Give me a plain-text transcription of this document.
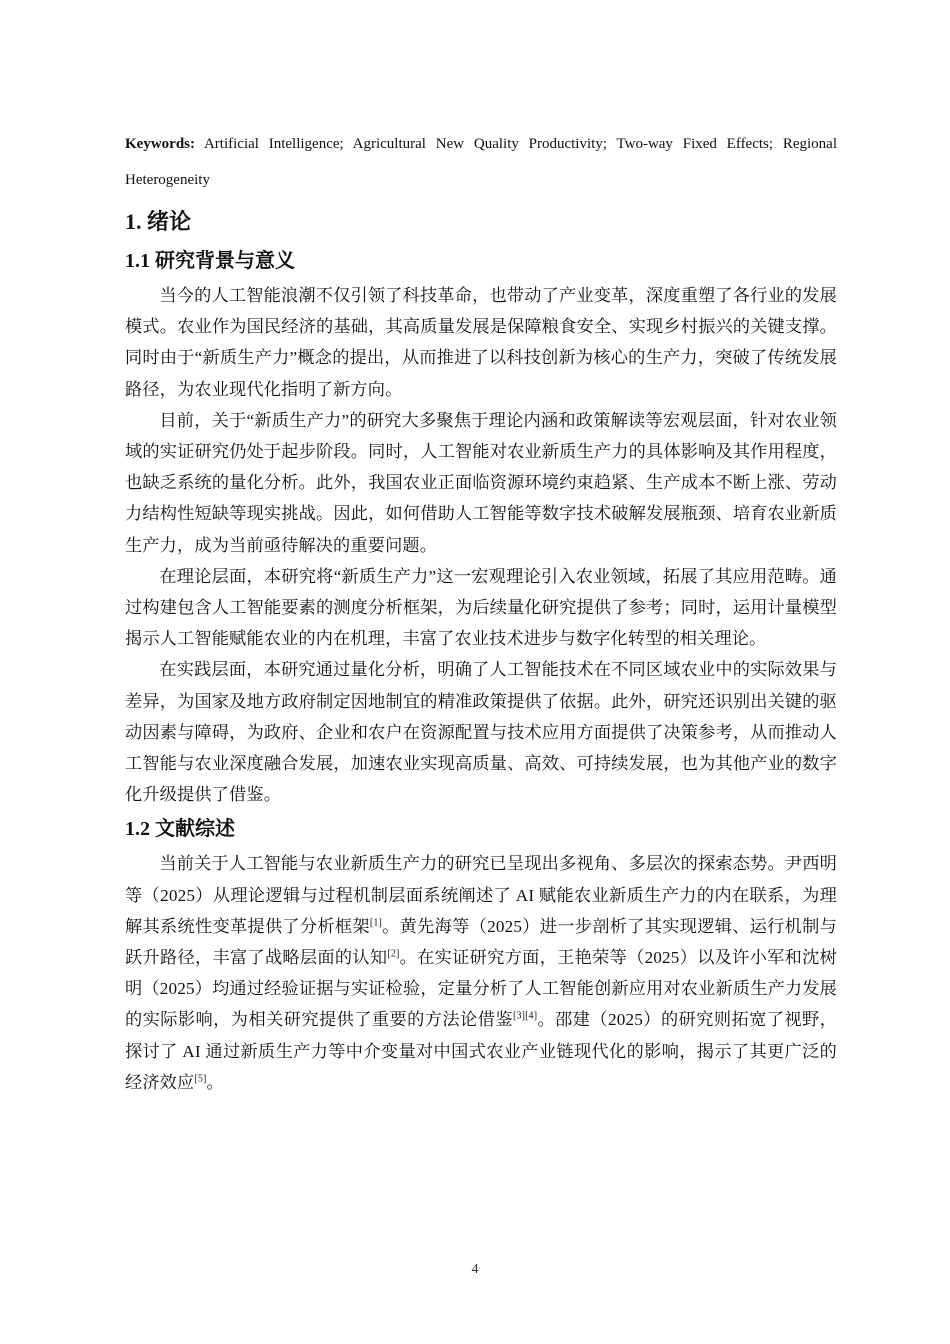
Keywords: Artificial Intelligence; Agricultural New Quality Productivity; Two-way Fixed Effects; Regional Heterogeneity

1. 绪论
1.1 研究背景与意义

当今的人工智能浪潮不仅引领了科技革命，也带动了产业变革，深度重塑了各行业的发展模式。农业作为国民经济的基础，其高质量发展是保障粮食安全、实现乡村振兴的关键支撑。同时由于“新质生产力”概念的提出，从而推进了以科技创新为核心的生产力，突破了传统发展路径，为农业现代化指明了新方向。

目前，关于“新质生产力”的研究大多聚焦于理论内涵和政策解读等宏观层面，针对农业领域的实证研究仍处于起步阶段。同时，人工智能对农业新质生产力的具体影响及其作用程度，也缺乏系统的量化分析。此外，我国农业正面临资源环境约束趋紧、生产成本不断上涨、劳动力结构性短缺等现实挑战。因此，如何借助人工智能等数字技术破解发展瓶颈、培育农业新质生产力，成为当前亟待解决的重要问题。

在理论层面，本研究将“新质生产力”这一宏观理论引入农业领域，拓展了其应用范畴。通过构建包含人工智能要素的测度分析框架，为后续量化研究提供了参考；同时，运用计量模型揭示人工智能赋能农业的内在机理，丰富了农业技术进步与数字化转型的相关理论。

在实践层面，本研究通过量化分析，明确了人工智能技术在不同区域农业中的实际效果与差异，为国家及地方政府制定因地制宜的精准政策提供了依据。此外，研究还识别出关键的驱动因素与障碍，为政府、企业和农户在资源配置与技术应用方面提供了决策参考，从而推动人工智能与农业深度融合发展，加速农业实现高质量、高效、可持续发展，也为其他产业的数字化升级提供了借鉴。

1.2 文献综述

当前关于人工智能与农业新质生产力的研究已呈现出多视角、多层次的探索态势。尹西明等（2025）从理论逻辑与过程机制层面系统阐述了 AI 赋能农业新质生产力的内在联系，为理解其系统性变革提供了分析框架[1]。黄先海等（2025）进一步剖析了其实现逻辑、运行机制与跃升路径，丰富了战略层面的认知[2]。在实证研究方面，王艳荣等（2025）以及许小军和沈树明（2025）均通过经验证据与实证检验，定量分析了人工智能创新应用对农业新质生产力发展的实际影响，为相关研究提供了重要的方法论借鉴[3][4]。邵建（2025）的研究则拓宽了视野，探讨了 AI 通过新质生产力等中介变量对中国式农业产业链现代化的影响，揭示了其更广泛的经济效应[5]。

4
